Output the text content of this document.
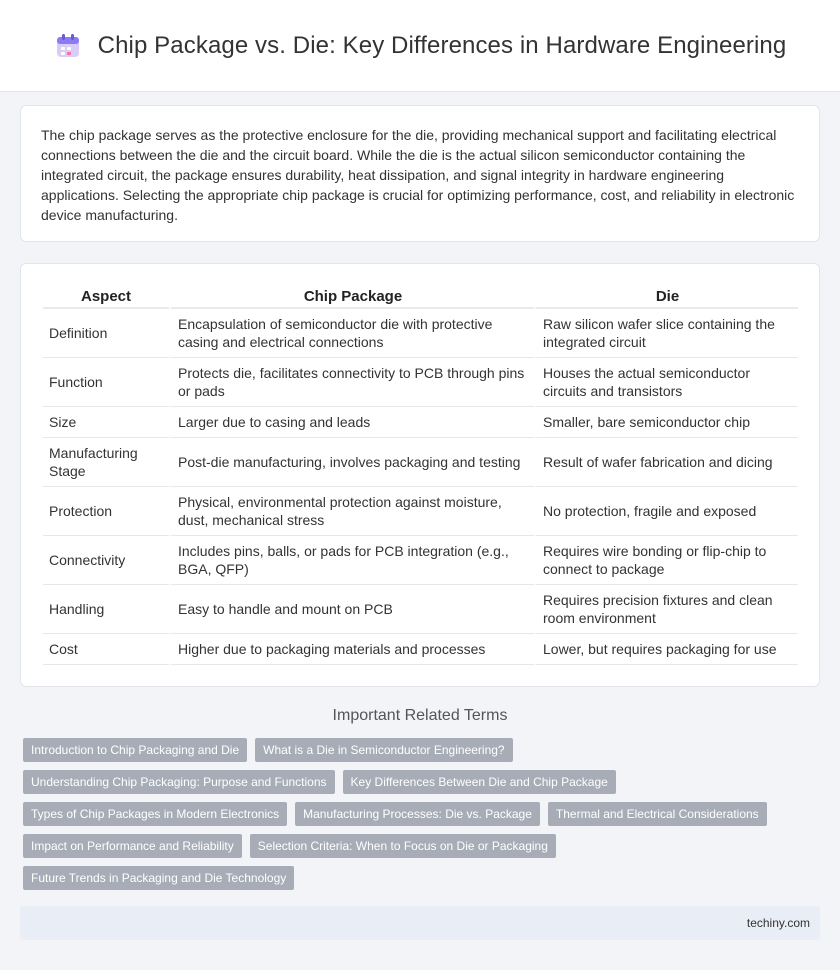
Chip Package vs. Die: Key Differences in Hardware Engineering

The chip package serves as the protective enclosure for the die, providing mechanical support and facilitating electrical connections between the die and the circuit board. While the die is the actual silicon semiconductor containing the integrated circuit, the package ensures durability, heat dissipation, and signal integrity in hardware engineering applications. Selecting the appropriate chip package is crucial for optimizing performance, cost, and reliability in electronic device manufacturing.

Aspect	Chip Package	Die
Definition	Encapsulation of semiconductor die with protective casing and electrical connections	Raw silicon wafer slice containing the integrated circuit
Function	Protects die, facilitates connectivity to PCB through pins or pads	Houses the actual semiconductor circuits and transistors
Size	Larger due to casing and leads	Smaller, bare semiconductor chip
Manufacturing Stage	Post-die manufacturing, involves packaging and testing	Result of wafer fabrication and dicing
Protection	Physical, environmental protection against moisture, dust, mechanical stress	No protection, fragile and exposed
Connectivity	Includes pins, balls, or pads for PCB integration (e.g., BGA, QFP)	Requires wire bonding or flip-chip to connect to package
Handling	Easy to handle and mount on PCB	Requires precision fixtures and clean room environment
Cost	Higher due to packaging materials and processes	Lower, but requires packaging for use
Important Related Terms
Introduction to Chip Packaging and Die	What is a Die in Semiconductor Engineering?
Understanding Chip Packaging: Purpose and Functions	Key Differences Between Die and Chip Package
Types of Chip Packages in Modern Electronics	Manufacturing Processes: Die vs. Package	Thermal and Electrical Considerations
Impact on Performance and Reliability	Selection Criteria: When to Focus on Die or Packaging
Future Trends in Packaging and Die Technology
techiny.com
